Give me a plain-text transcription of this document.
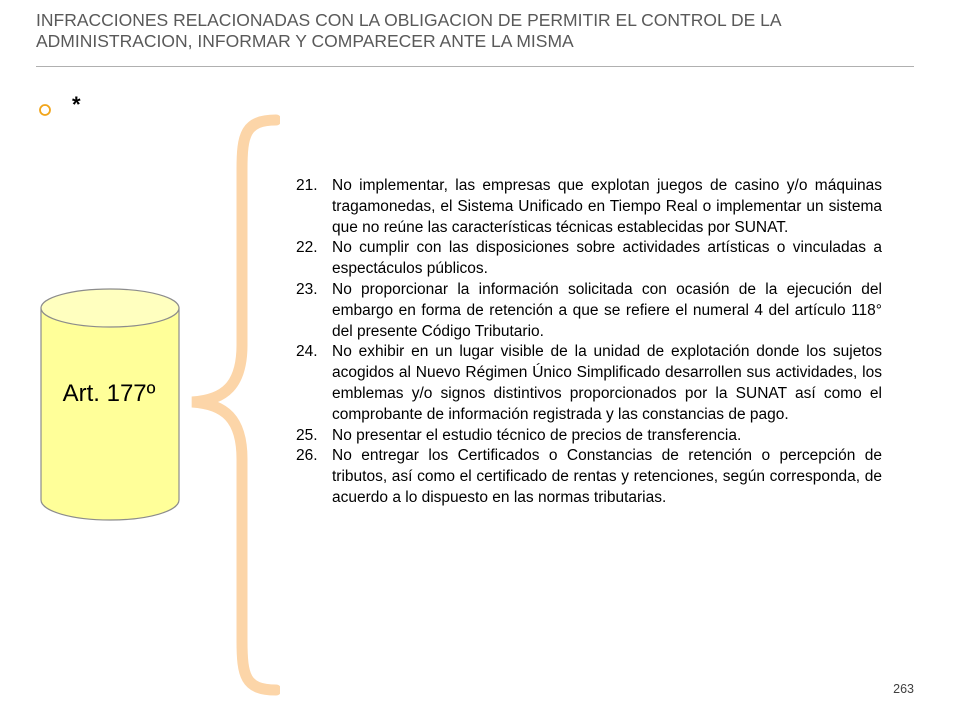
INFRACCIONES RELACIONADAS CON LA OBLIGACION DE PERMITIR EL CONTROL DE LA ADMINISTRACION, INFORMAR Y COMPARECER ANTE LA MISMA
*
Art. 177º
21. No implementar, las empresas que explotan juegos de casino y/o máquinas tragamonedas, el Sistema Unificado en Tiempo Real o implementar un sistema que no reúne las características técnicas establecidas por SUNAT.
22. No cumplir con las disposiciones sobre actividades artísticas o vinculadas a espectáculos públicos.
23. No proporcionar la información solicitada con ocasión de la ejecución del embargo en forma de retención a que se refiere el numeral 4 del artículo 118° del presente Código Tributario.
24. No exhibir en un lugar visible de la unidad de explotación donde los sujetos acogidos al Nuevo Régimen Único Simplificado desarrollen sus actividades, los emblemas y/o signos distintivos proporcionados por la SUNAT así como el comprobante de información registrada y las constancias de pago.
25. No presentar el estudio técnico de precios de transferencia.
26. No entregar los Certificados o Constancias de retención o percepción de tributos, así como el certificado de rentas y retenciones, según corresponda, de acuerdo a lo dispuesto en las normas tributarias.
263
